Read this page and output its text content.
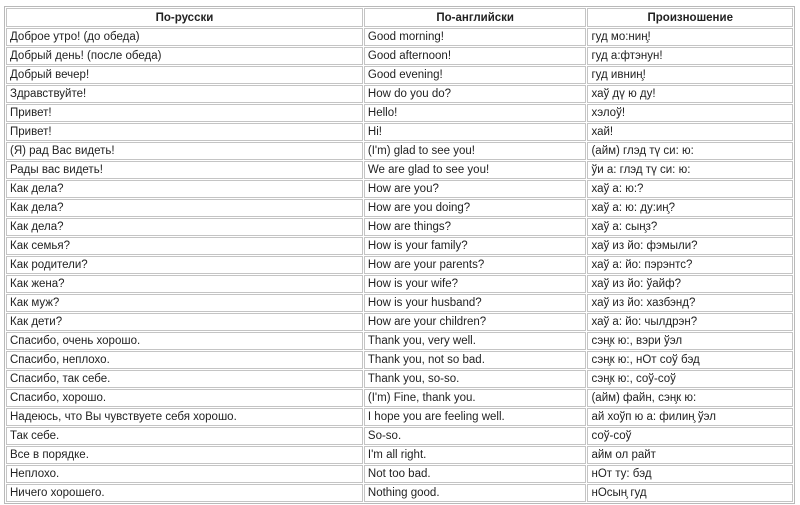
По-русски	По-английски	Произношение
Доброе утро! (до обеда)	Good morning!	гуд мо:нин̧!
Добрый день! (после обеда)	Good afternoon!	гуд а:фтэнун!
Добрый вечер!	Good evening!	гуд ивнин̧!
Здравствуйте!	How do you do?	хаў дү ю ду!
Привет!	Hello!	хэлоў!
Привет!	Hi!	хай!
(Я) рад Вас видеть!	(I'm) glad to see you!	(айм) глэд тү си: ю:
Рады вас видеть!	We are glad to see you!	ўи а: глэд тү си: ю:
Как дела?	How are you?	хаў а: ю:?
Как дела?	How are you doing?	хаў а: ю: ду:ин̧?
Как дела?	How are things?	хаў а: сын̧з?
Как семья?	How is your family?	хаў из йо: фэмыли?
Как родители?	How are your parents?	хаў а: йо: пэрэнтс?
Как жена?	How is your wife?	хаў из йо: ўайф?
Как муж?	How is your husband?	хаў из йо: хазбэнд?
Как дети?	How are your children?	хаў а: йо: чылдрэн?
Спасибо, очень хорошо.	Thank you, very well.	сэн̧к ю:, вэри ўэл
Спасибо, неплохо.	Thank you, not so bad.	сэн̧к ю:, нОт соў бэд
Спасибо, так себе.	Thank you, so-so.	сэн̧к ю:, соў-соў
Спасибо, хорошо.	(I'm) Fine, thank you.	(айм) файн, сэн̧к ю:
Надеюсь, что Вы чувствуете себя хорошо.	I hope you are feeling well.	ай хоўп ю а: филин̧ ўэл
Так себе.	So-so.	соў-соў
Все в порядке.	I'm all right.	айм ол райт
Неплохо.	Not too bad.	нОт ту: бэд
Ничего хорошего.	Nothing good.	нОсын̧ гуд
